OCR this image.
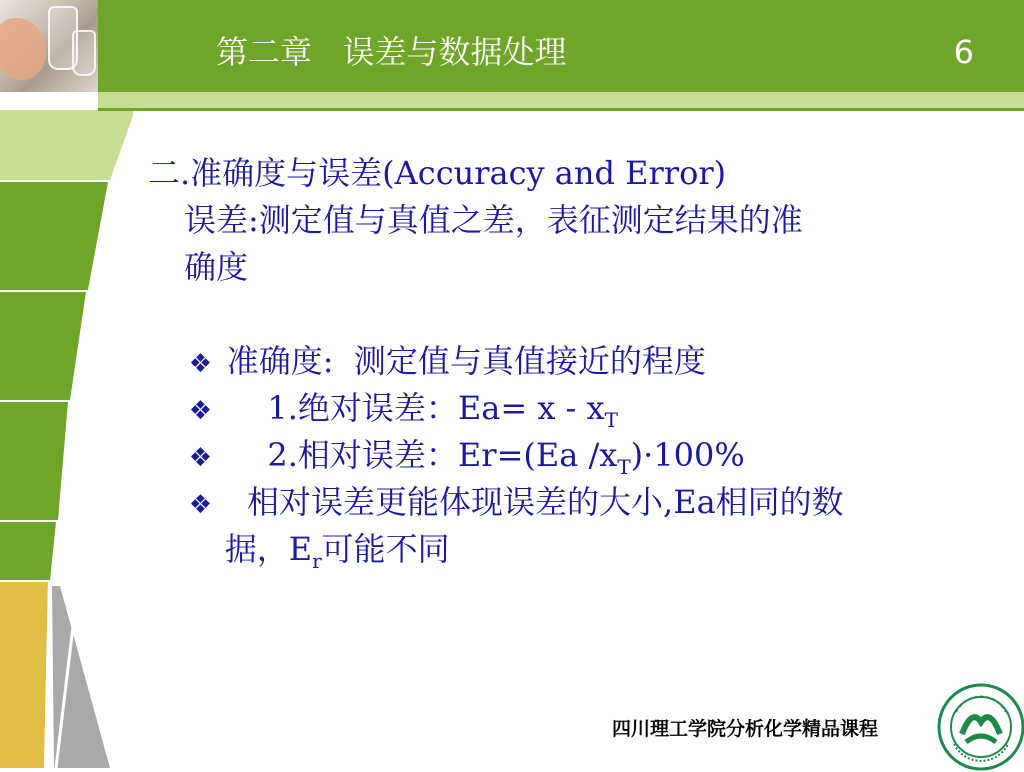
第二章   误差与数据处理	6
二.准确度与误差(Accuracy and Error)
误差:测定值与真值之差，表征测定结果的准
确度

❖ 准确度:  测定值与真值接近的程度

❖    1.绝对误差：$Ea= x - x_T$

❖    2.相对误差：Er=(Ea $/x_T)\cdot 100\%$

❖  相对误差更能体现误差的大小,Ea相同的数

据，$E_r$可能不同

四川理工学院分析化学精品课程
